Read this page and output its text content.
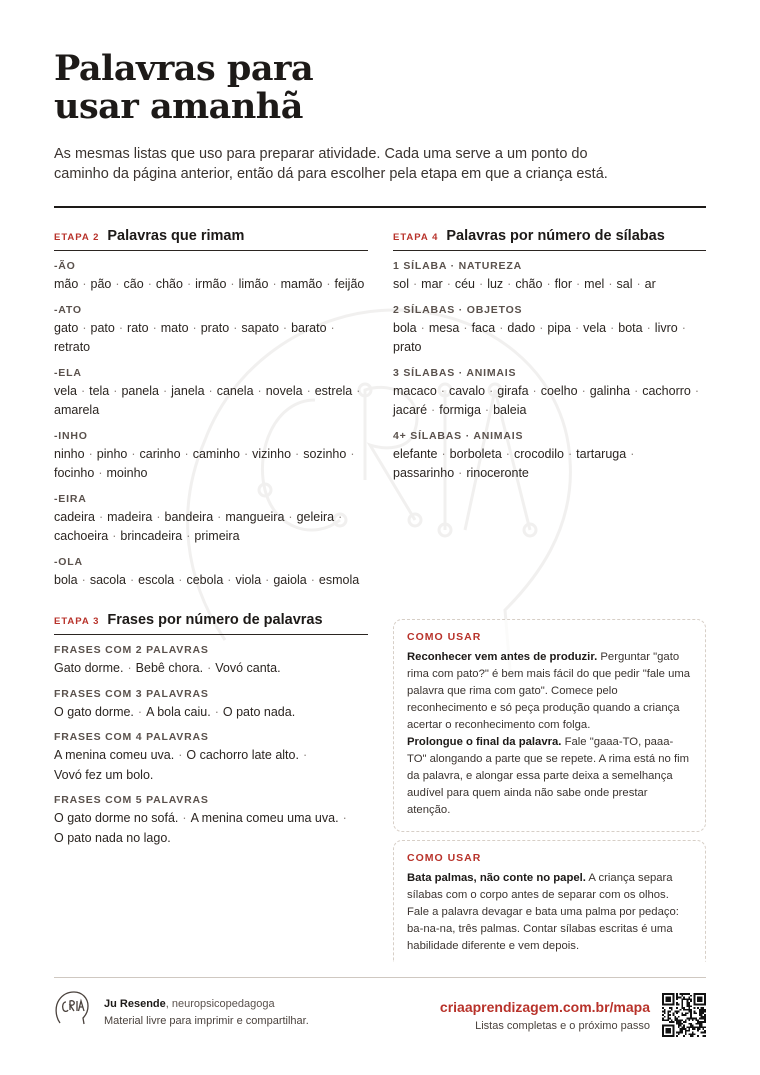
Palavras para
usar amanhã

As mesmas listas que uso para preparar atividade. Cada uma serve a um ponto do caminho da página anterior, então dá para escolher pela etapa em que a criança está.

ETAPA 2 Palavras que rimam
-ÃO
mão · pão · cão · chão · irmão · limão · mamão · feijão
-ATO
gato · pato · rato · mato · prato · sapato · barato ·
retrato
-ELA
vela · tela · panela · janela · canela · novela · estrela ·
amarela
-INHO
ninho · pinho · carinho · caminho · vizinho · sozinho ·
focinho · moinho
-EIRA
cadeira · madeira · bandeira · mangueira · geleira ·
cachoeira · brincadeira · primeira
-OLA
bola · sacola · escola · cebola · viola · gaiola · esmola
ETAPA 4 Palavras por número de sílabas
1 SÍLABA · NATUREZA
sol · mar · céu · luz · chão · flor · mel · sal · ar
2 SÍLABAS · OBJETOS
bola · mesa · faca · dado · pipa · vela · bota · livro ·
prato
3 SÍLABAS · ANIMAIS
macaco · cavalo · girafa · coelho · galinha · cachorro ·
jacaré · formiga · baleia
4+ SÍLABAS · ANIMAIS
elefante · borboleta · crocodilo · tartaruga ·
passarinho · rinoceronte
ETAPA 3 Frases por número de palavras
FRASES COM 2 PALAVRAS
Gato dorme. · Bebê chora. · Vovó canta.
FRASES COM 3 PALAVRAS
O gato dorme. · A bola caiu. · O pato nada.
FRASES COM 4 PALAVRAS
A menina comeu uva. · O cachorro late alto. ·
Vovó fez um bolo.
FRASES COM 5 PALAVRAS
O gato dorme no sofá. · A menina comeu uma uva. ·
O pato nada no lago.
COMO USAR

Reconhecer vem antes de produzir. Perguntar "gato rima com pato?" é bem mais fácil do que pedir "fale uma palavra que rima com gato". Comece pelo reconhecimento e só peça produção quando a criança acertar o reconhecimento com folga.

Prolongue o final da palavra. Fale "gaaa-TO, paaa-TO" alongando a parte que se repete. A rima está no fim da palavra, e alongar essa parte deixa a semelhança audível para quem ainda não sabe onde prestar atenção.

COMO USAR

Bata palmas, não conte no papel. A criança separa sílabas com o corpo antes de separar com os olhos. Fale a palavra devagar e bata uma palma por pedaço: ba-na-na, três palmas. Contar sílabas escritas é uma habilidade diferente e vem depois.

Ju Resende, neuropsicopedagoga
Material livre para imprimir e compartilhar.
criaaprendizagem.com.br/mapa
Listas completas e o próximo passo
